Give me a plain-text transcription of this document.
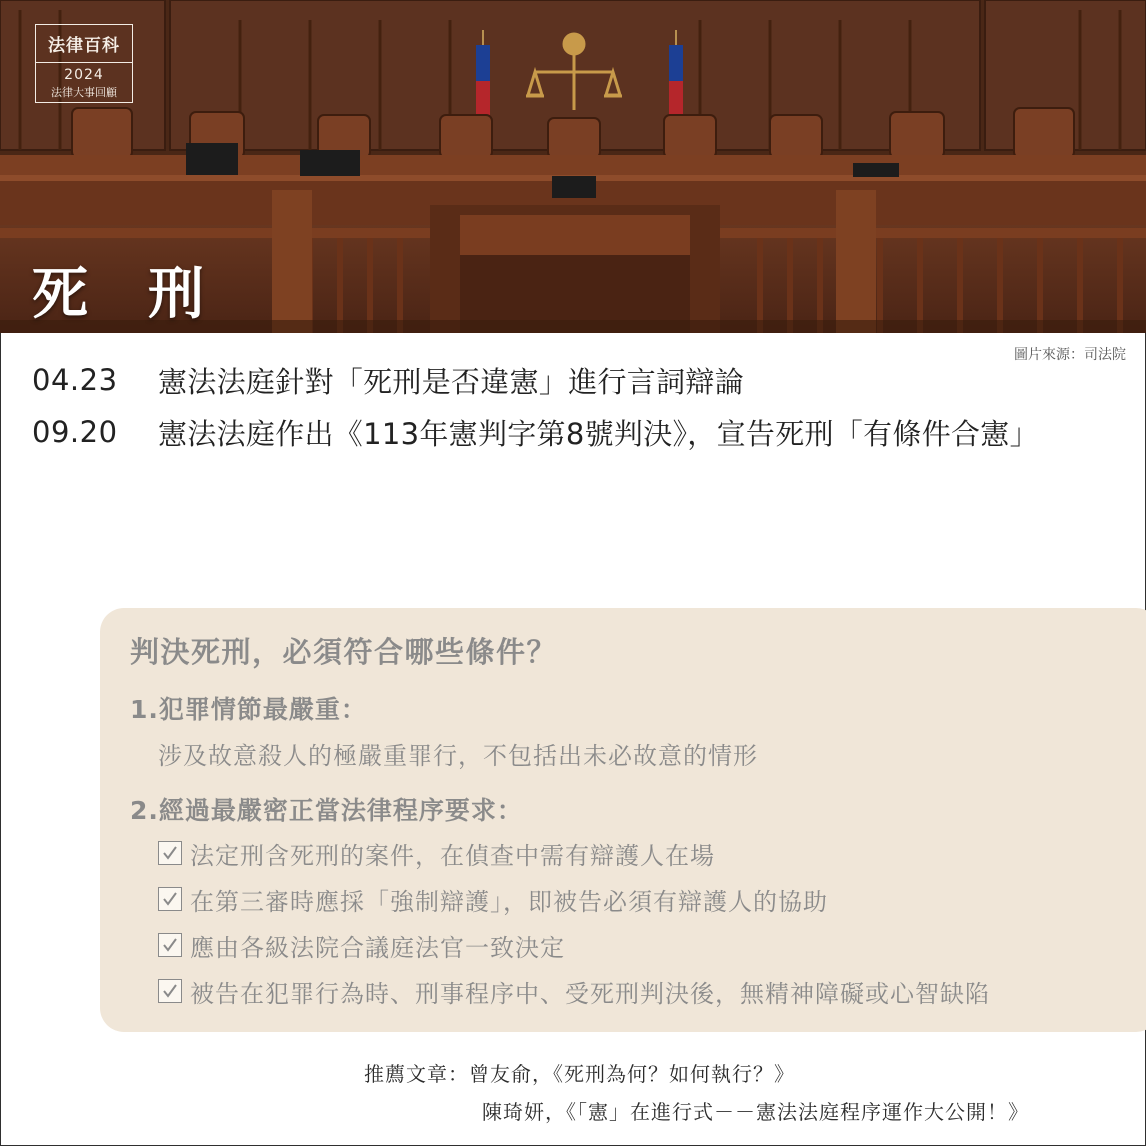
法律百科
2024
法律大事回顧
死刑
圖片來源：司法院
04.23	憲法法庭針對「死刑是否違憲」進行言詞辯論
09.20	憲法法庭作出《113年憲判字第8號判決》，宣告死刑「有條件合憲」
判決死刑，必須符合哪些條件？
1.犯罪情節最嚴重：
涉及故意殺人的極嚴重罪行，不包括出未必故意的情形
2.經過最嚴密正當法律程序要求：
法定刑含死刑的案件，在偵查中需有辯護人在場
在第三審時應採「強制辯護」，即被告必須有辯護人的協助
應由各級法院合議庭法官一致決定
被告在犯罪行為時、刑事程序中、受死刑判決後，無精神障礙或心智缺陷
推薦文章：曾友俞，《死刑為何？如何執行？》
陳琦妍，《「憲」在進行式－－憲法法庭程序運作大公開！》
